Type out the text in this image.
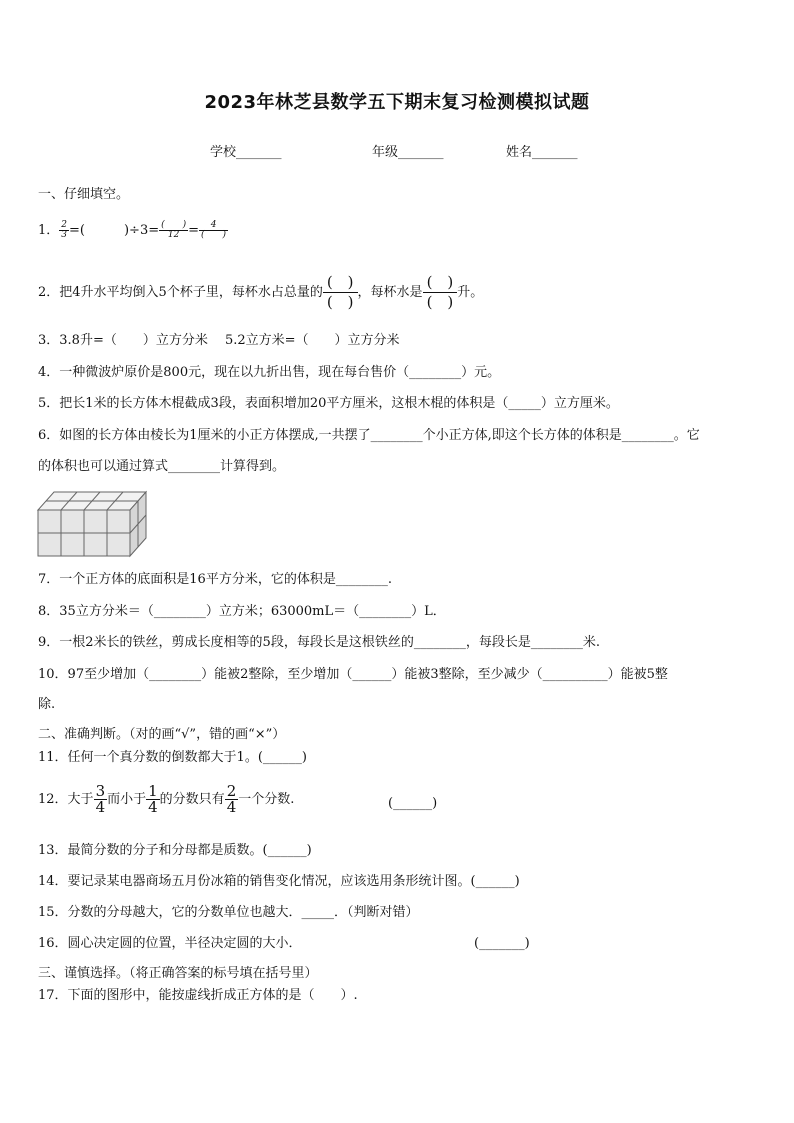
2023年林芝县数学五下期末复习检测模拟试题
学校_______	年级_______	姓名_______
一、仔细填空。
1． $\frac{2}{3}$ =(　　　)$\div 3= \frac{( )}{12} = \frac{4}{( )}$
2．把4升水平均倒入5个杯子里，每杯水占总量的 $\frac{( )}{( )}$ ，每杯水是 $\frac{( )}{( )}$ 升。
3．3.8升=（　　）立方分米　 5.2立方米=（　　）立方分米
4．一种微波炉原价是800元，现在以九折出售，现在每台售价（________）元。
5．把长1米的长方体木棍截成3段，表面积增加20平方厘米，这根木棍的体积是（_____）立方厘米。
6．如图的长方体由棱长为1厘米的小正方体摆成,一共摆了________个小正方体,即这个长方体的体积是________。它
的体积也可以通过算式________计算得到。
7．一个正方体的底面积是16平方分米，它的体积是________.
8．35立方分米＝（________）立方米；63000mL＝（________）L．
9．一根2米长的铁丝，剪成长度相等的5段，每段长是这根铁丝的________，每段长是________米.
10．97至少增加（________）能被2整除，至少增加（______）能被3整除，至少减少（__________）能被5整
除.
二、准确判断。（对的画“√”，错的画“×”）
11．任何一个真分数的倒数都大于1。(______)
12．大于 $\frac{3}{4}$ 而小于 $\frac{1}{4}$ 的分数只有 $\frac{2}{4}$ 一个分数.	(______)
13．最简分数的分子和分母都是质数。(______)
14．要记录某电器商场五月份冰箱的销售变化情况，应该选用条形统计图。(______)
15．分数的分母越大，它的分数单位也越大．_____．（判断对错）
16．圆心决定圆的位置，半径决定圆的大小．	(_______)
三、谨慎选择。（将正确答案的标号填在括号里）
17．下面的图形中，能按虚线折成正方体的是（　　）.
